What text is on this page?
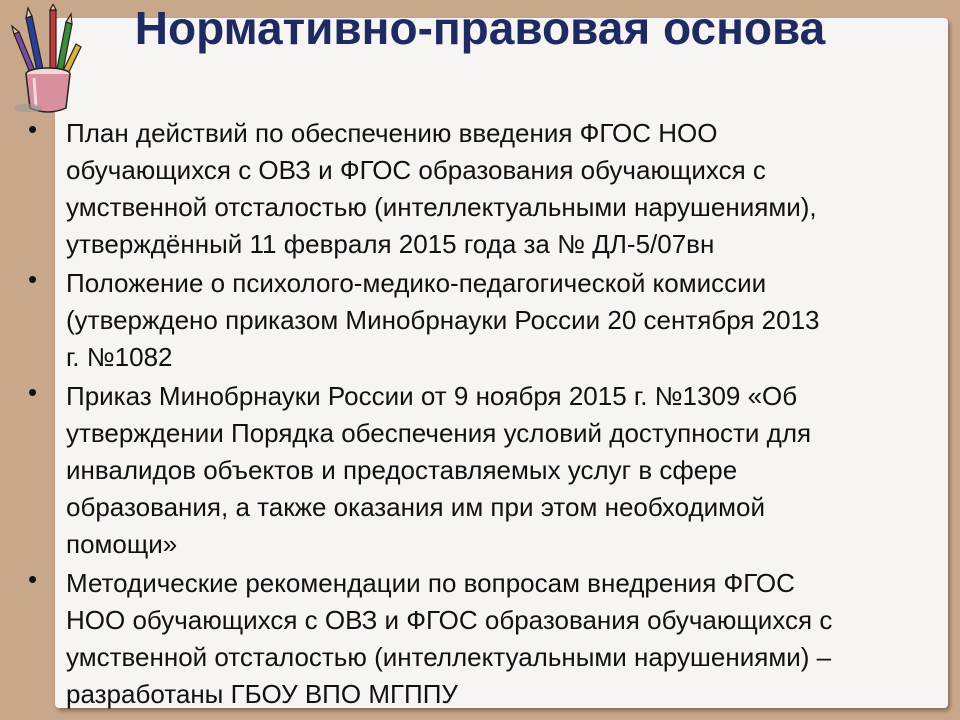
Нормативно-правовая основа
• План действий по обеспечению введения ФГОС НОО
обучающихся с ОВЗ и ФГОС образования обучающихся с
умственной отсталостью (интеллектуальными нарушениями),
утверждённый 11 февраля 2015 года за № ДЛ-5/07вн
• Положение о психолого-медико-педагогической комиссии
(утверждено приказом Минобрнауки России 20 сентября 2013
г. №1082
• Приказ Минобрнауки России от 9 ноября 2015 г. №1309 «Об
утверждении Порядка обеспечения условий доступности для
инвалидов объектов и предоставляемых услуг в сфере
образования, а также оказания им при этом необходимой
помощи»
• Методические рекомендации по вопросам внедрения ФГОС
НОО обучающихся с ОВЗ и ФГОС образования обучающихся с
умственной отсталостью (интеллектуальными нарушениями) –
разработаны ГБОУ ВПО МГППУ
